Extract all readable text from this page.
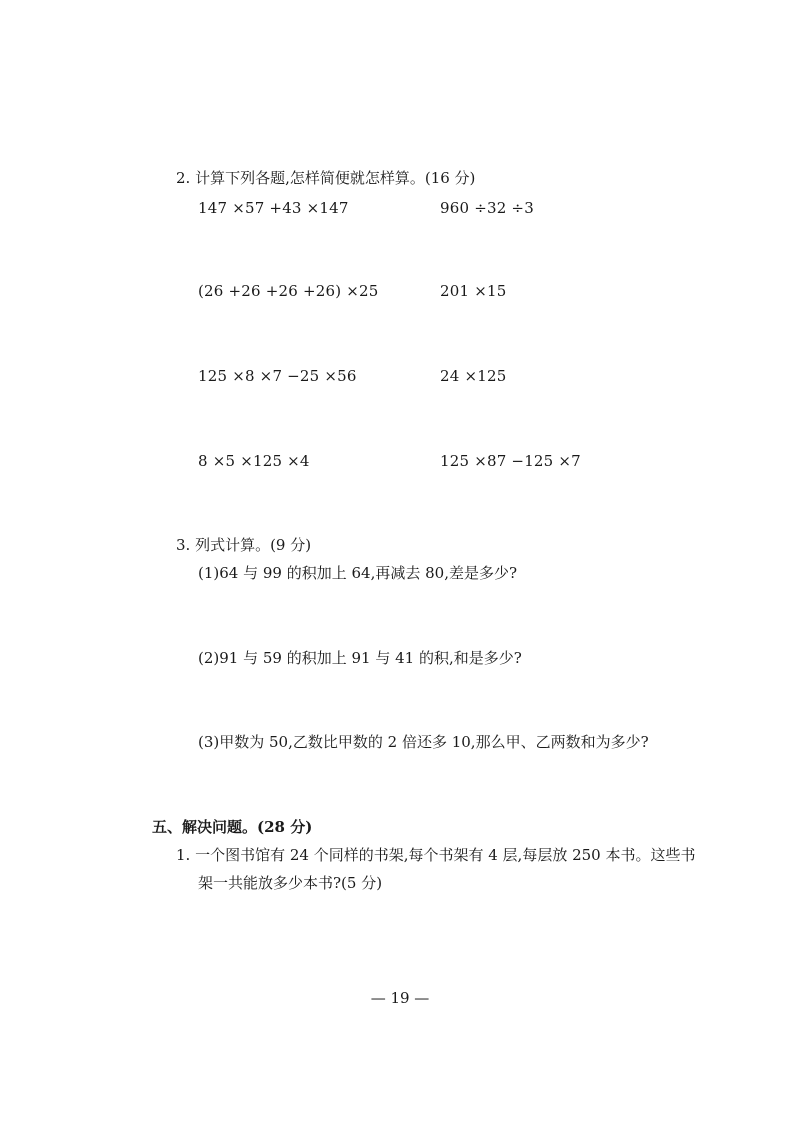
2. 计算下列各题,怎样简便就怎样算。(16 分)
147 ×57 +43 ×147	960 ÷32 ÷3
(26 +26 +26 +26) ×25	201 ×15
125 ×8 ×7 −25 ×56	24 ×125
8 ×5 ×125 ×4	125 ×87 −125 ×7
3. 列式计算。(9 分)
(1)64 与 99 的积加上 64,再减去 80,差是多少?
(2)91 与 59 的积加上 91 与 41 的积,和是多少?
(3)甲数为 50,乙数比甲数的 2 倍还多 10,那么甲、乙两数和为多少?
五、解决问题。(28 分)
1. 一个图书馆有 24 个同样的书架,每个书架有 4 层,每层放 250 本书。这些书
架一共能放多少本书?(5 分)
— 19 —
